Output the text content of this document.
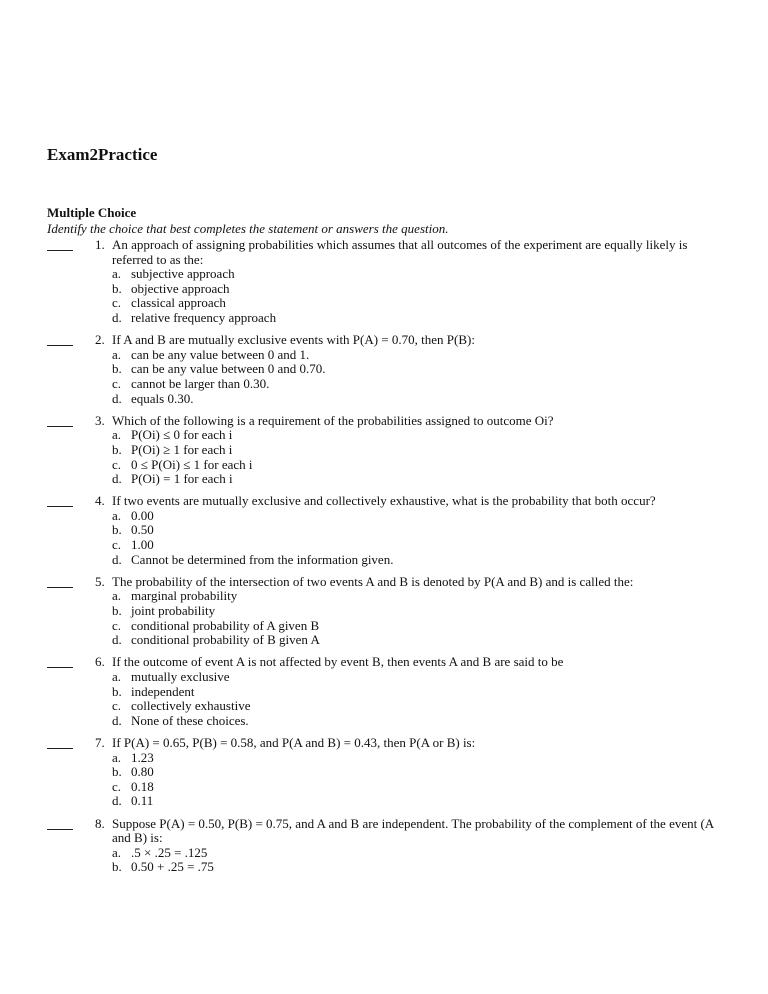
Exam2Practice
Multiple Choice
Identify the choice that best completes the statement or answers the question.
1. An approach of assigning probabilities which assumes that all outcomes of the experiment are equally likely is referred to as the:
a. subjective approach
b. objective approach
c. classical approach
d. relative frequency approach
2. If A and B are mutually exclusive events with P(A) = 0.70, then P(B):
a. can be any value between 0 and 1.
b. can be any value between 0 and 0.70.
c. cannot be larger than 0.30.
d. equals 0.30.
3. Which of the following is a requirement of the probabilities assigned to outcome Oi?
a. P(Oi) ≤ 0 for each i
b. P(Oi) ≥ 1 for each i
c. 0 ≤ P(Oi) ≤ 1 for each i
d. P(Oi) = 1 for each i
4. If two events are mutually exclusive and collectively exhaustive, what is the probability that both occur?
a. 0.00
b. 0.50
c. 1.00
d. Cannot be determined from the information given.
5. The probability of the intersection of two events A and B is denoted by P(A and B) and is called the:
a. marginal probability
b. joint probability
c. conditional probability of A given B
d. conditional probability of B given A
6. If the outcome of event A is not affected by event B, then events A and B are said to be
a. mutually exclusive
b. independent
c. collectively exhaustive
d. None of these choices.
7. If P(A) = 0.65, P(B) = 0.58, and P(A and B) = 0.43, then P(A or B) is:
a. 1.23
b. 0.80
c. 0.18
d. 0.11
8. Suppose P(A) = 0.50, P(B) = 0.75, and A and B are independent. The probability of the complement of the event (A and B) is:
a. .5 × .25 = .125
b. 0.50 + .25 = .75
